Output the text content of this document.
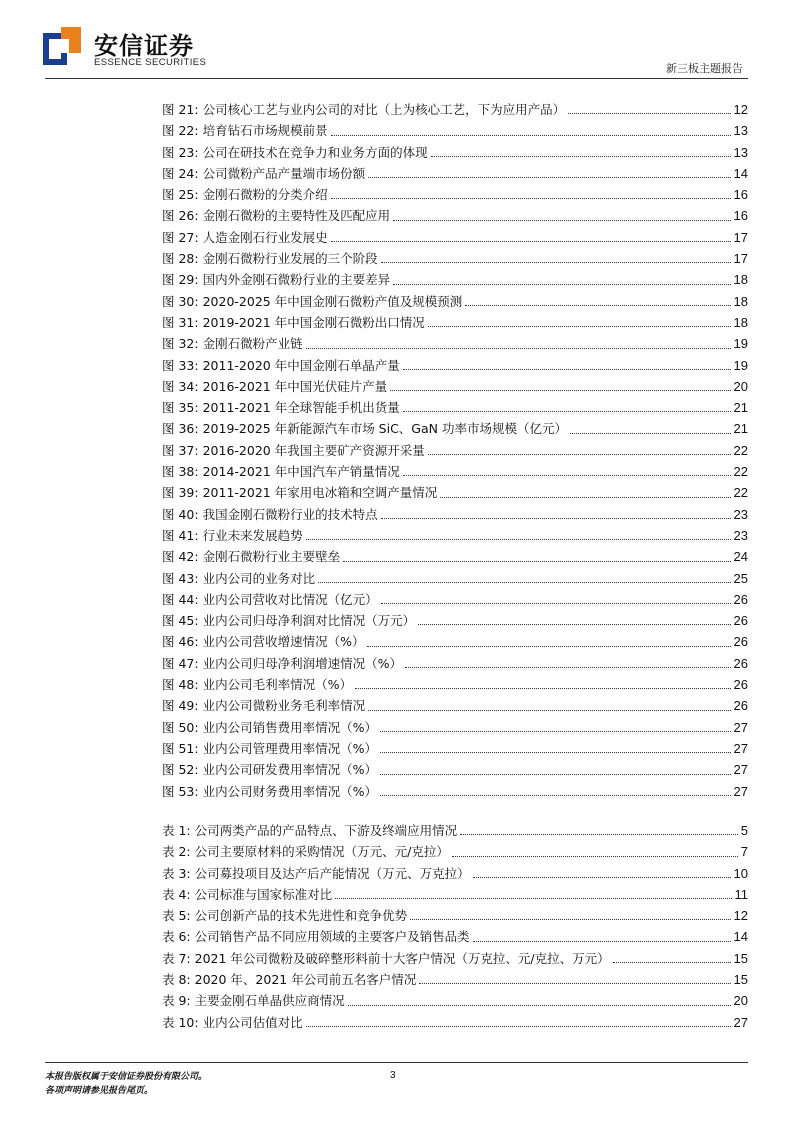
安信证券
ESSENCE SECURITIES	新三板主题报告
图 21: 公司核心工艺与业内公司的对比（上为核心工艺，下为应用产品）	12
图 22: 培育钻石市场规模前景	13
图 23: 公司在研技术在竞争力和业务方面的体现	13
图 24: 公司微粉产品产量端市场份额	14
图 25: 金刚石微粉的分类介绍	16
图 26: 金刚石微粉的主要特性及匹配应用	16
图 27: 人造金刚石行业发展史	17
图 28: 金刚石微粉行业发展的三个阶段	17
图 29: 国内外金刚石微粉行业的主要差异	18
图 30: 2020-2025 年中国金刚石微粉产值及规模预测	18
图 31: 2019-2021 年中国金刚石微粉出口情况	18
图 32: 金刚石微粉产业链	19
图 33: 2011-2020 年中国金刚石单晶产量	19
图 34: 2016-2021 年中国光伏硅片产量	20
图 35: 2011-2021 年全球智能手机出货量	21
图 36: 2019-2025 年新能源汽车市场 SiC、GaN 功率市场规模（亿元）	21
图 37: 2016-2020 年我国主要矿产资源开采量	22
图 38: 2014-2021 年中国汽车产销量情况	22
图 39: 2011-2021 年家用电冰箱和空调产量情况	22
图 40: 我国金刚石微粉行业的技术特点	23
图 41: 行业未来发展趋势	23
图 42: 金刚石微粉行业主要壁垒	24
图 43: 业内公司的业务对比	25
图 44: 业内公司营收对比情况（亿元）	26
图 45: 业内公司归母净利润对比情况（万元）	26
图 46: 业内公司营收增速情况（%）	26
图 47: 业内公司归母净利润增速情况（%）	26
图 48: 业内公司毛利率情况（%）	26
图 49: 业内公司微粉业务毛利率情况	26
图 50: 业内公司销售费用率情况（%）	27
图 51: 业内公司管理费用率情况（%）	27
图 52: 业内公司研发费用率情况（%）	27
图 53: 业内公司财务费用率情况（%）	27
表 1: 公司两类产品的产品特点、下游及终端应用情况	5
表 2: 公司主要原材料的采购情况（万元、元/克拉）	7
表 3: 公司募投项目及达产后产能情况（万元、万克拉）	10
表 4: 公司标准与国家标准对比	11
表 5: 公司创新产品的技术先进性和竞争优势	12
表 6: 公司销售产品不同应用领域的主要客户及销售品类	14
表 7: 2021 年公司微粉及破碎整形料前十大客户情况（万克拉、元/克拉、万元）	15
表 8: 2020 年、2021 年公司前五名客户情况	15
表 9: 主要金刚石单晶供应商情况	20
表 10: 业内公司估值对比	27
本报告版权属于安信证券股份有限公司。
各项声明请参见报告尾页。
3
